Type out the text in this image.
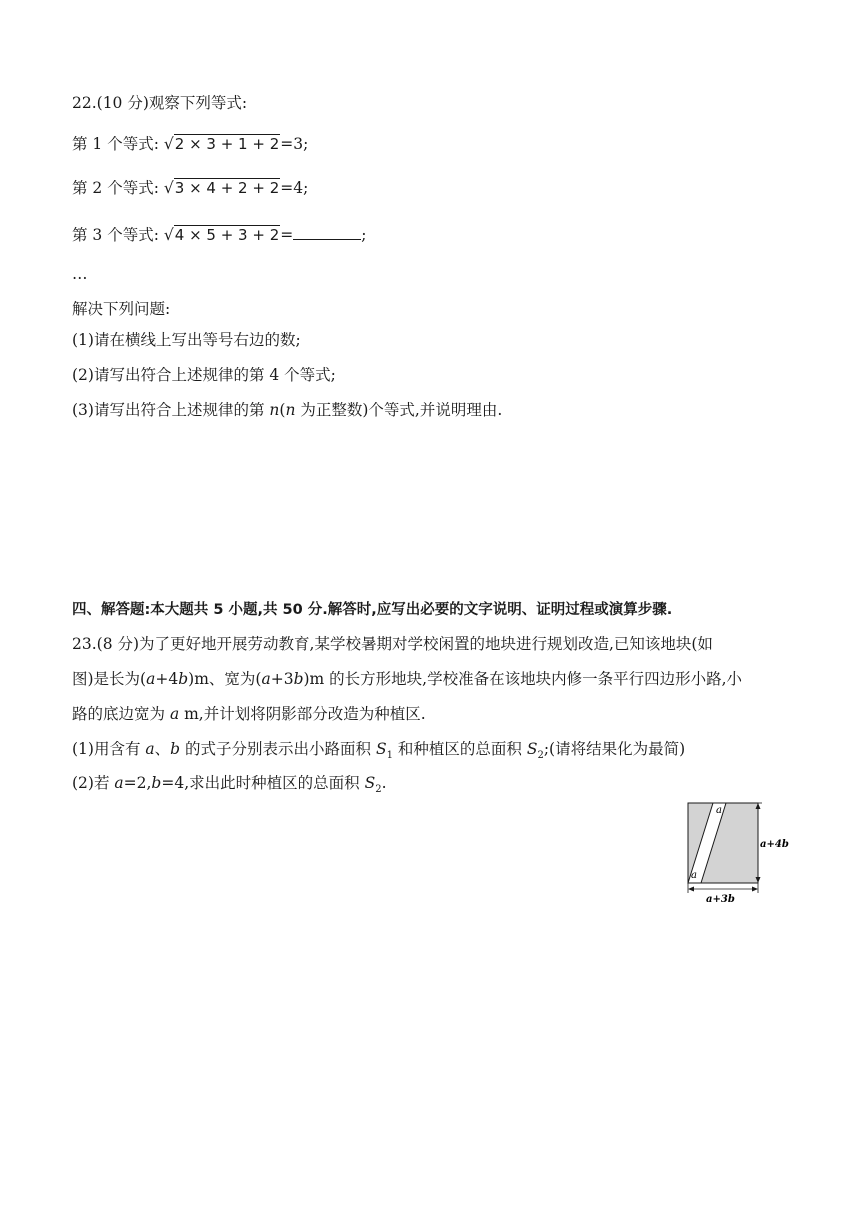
22.(10 分)观察下列等式:
第 1 个等式: √2 × 3 + 1 + 2=3;
第 2 个等式: √3 × 4 + 2 + 2=4;
第 3 个等式: √4 × 5 + 3 + 2=	;
…
解决下列问题:
(1)请在横线上写出等号右边的数;
(2)请写出符合上述规律的第 4 个等式;
(3)请写出符合上述规律的第 n(n 为正整数)个等式,并说明理由.
四、解答题:本大题共 5 小题,共 50 分.解答时,应写出必要的文字说明、证明过程或演算步骤.
23.(8 分)为了更好地开展劳动教育,某学校暑期对学校闲置的地块进行规划改造,已知该地块(如
图)是长为(a+4b)m、宽为(a+3b)m 的长方形地块,学校准备在该地块内修一条平行四边形小路,小
路的底边宽为 a m,并计划将阴影部分改造为种植区.
(1)用含有 a、b 的式子分别表示出小路面积 $S_1$ 和种植区的总面积 $S_2$;(请将结果化为最简)
(2)若 a=2,b=4,求出此时种植区的总面积 $S_2$.
a
a
a+4b
a+3b
